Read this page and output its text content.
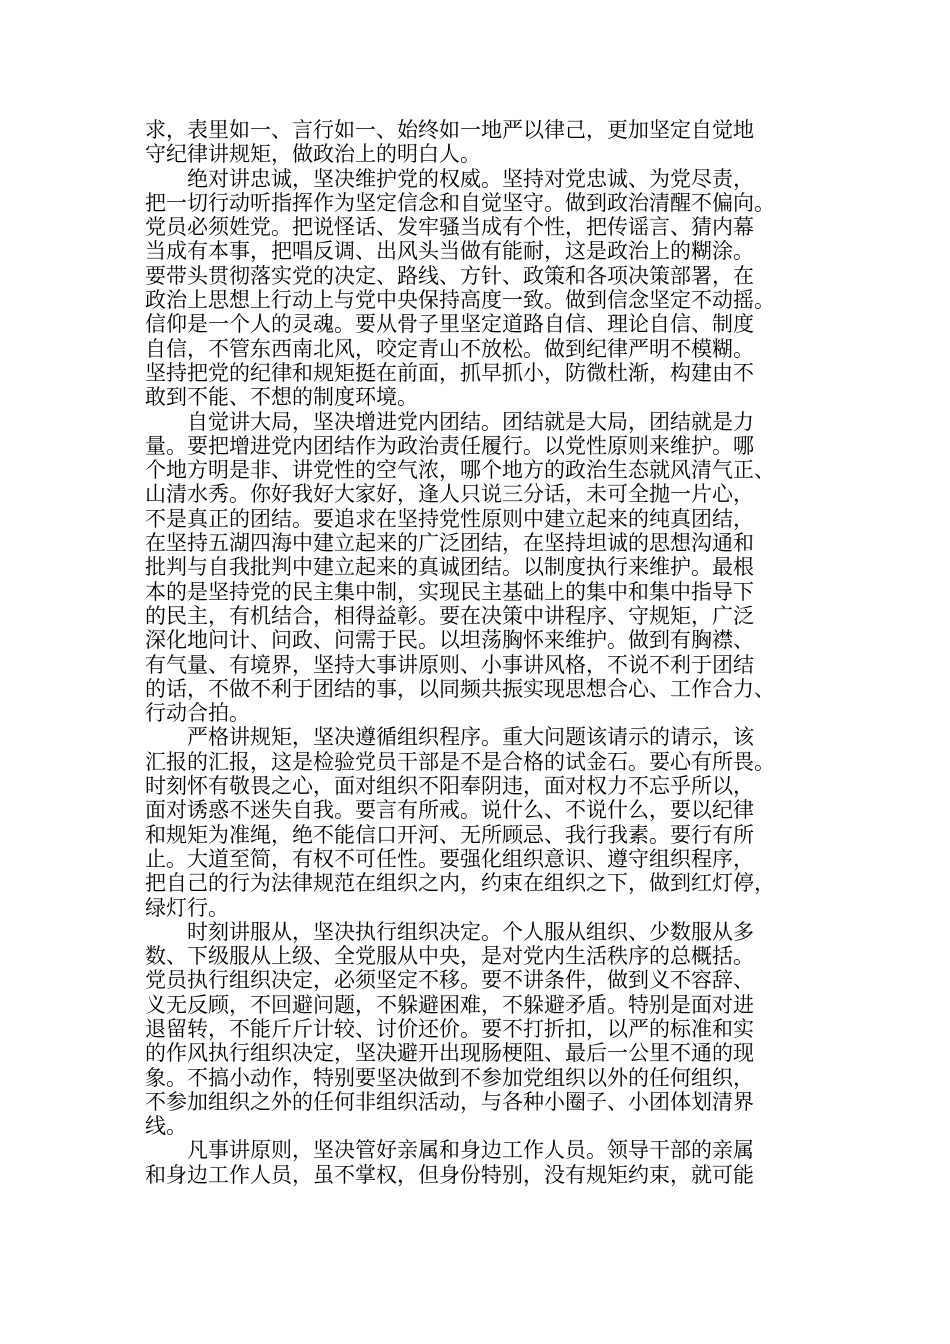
求，表里如一、言行如一、始终如一地严以律己，更加坚定自觉地
守纪律讲规矩，做政治上的明白人。
绝对讲忠诚，坚决维护党的权威。坚持对党忠诚、为党尽责，
把一切行动听指挥作为坚定信念和自觉坚守。做到政治清醒不偏向。
党员必须姓党。把说怪话、发牢骚当成有个性，把传谣言、猜内幕
当成有本事，把唱反调、出风头当做有能耐，这是政治上的糊涂。
要带头贯彻落实党的决定、路线、方针、政策和各项决策部署，在
政治上思想上行动上与党中央保持高度一致。做到信念坚定不动摇。
信仰是一个人的灵魂。要从骨子里坚定道路自信、理论自信、制度
自信，不管东西南北风，咬定青山不放松。做到纪律严明不模糊。
坚持把党的纪律和规矩挺在前面，抓早抓小，防微杜渐，构建由不
敢到不能、不想的制度环境。
自觉讲大局，坚决增进党内团结。团结就是大局，团结就是力
量。要把增进党内团结作为政治责任履行。以党性原则来维护。哪
个地方明是非、讲党性的空气浓，哪个地方的政治生态就风清气正、
山清水秀。你好我好大家好，逢人只说三分话，未可全抛一片心，
不是真正的团结。要追求在坚持党性原则中建立起来的纯真团结，
在坚持五湖四海中建立起来的广泛团结，在坚持坦诚的思想沟通和
批判与自我批判中建立起来的真诚团结。以制度执行来维护。最根
本的是坚持党的民主集中制，实现民主基础上的集中和集中指导下
的民主，有机结合，相得益彰。要在决策中讲程序、守规矩，广泛
深化地问计、问政、问需于民。以坦荡胸怀来维护。做到有胸襟、
有气量、有境界，坚持大事讲原则、小事讲风格，不说不利于团结
的话，不做不利于团结的事，以同频共振实现思想合心、工作合力、
行动合拍。
严格讲规矩，坚决遵循组织程序。重大问题该请示的请示，该
汇报的汇报，这是检验党员干部是不是合格的试金石。要心有所畏。
时刻怀有敬畏之心，面对组织不阳奉阴违，面对权力不忘乎所以，
面对诱惑不迷失自我。要言有所戒。说什么、不说什么，要以纪律
和规矩为准绳，绝不能信口开河、无所顾忌、我行我素。要行有所
止。大道至简，有权不可任性。要强化组织意识、遵守组织程序，
把自己的行为法律规范在组织之内，约束在组织之下，做到红灯停，
绿灯行。
时刻讲服从，坚决执行组织决定。个人服从组织、少数服从多
数、下级服从上级、全党服从中央，是对党内生活秩序的总概括。
党员执行组织决定，必须坚定不移。要不讲条件，做到义不容辞、
义无反顾，不回避问题，不躲避困难，不躲避矛盾。特别是面对进
退留转，不能斤斤计较、讨价还价。要不打折扣，以严的标准和实
的作风执行组织决定，坚决避开出现肠梗阻、最后一公里不通的现
象。不搞小动作，特别要坚决做到不参加党组织以外的任何组织，
不参加组织之外的任何非组织活动，与各种小圈子、小团体划清界
线。
凡事讲原则，坚决管好亲属和身边工作人员。领导干部的亲属
和身边工作人员，虽不掌权，但身份特别，没有规矩约束，就可能
